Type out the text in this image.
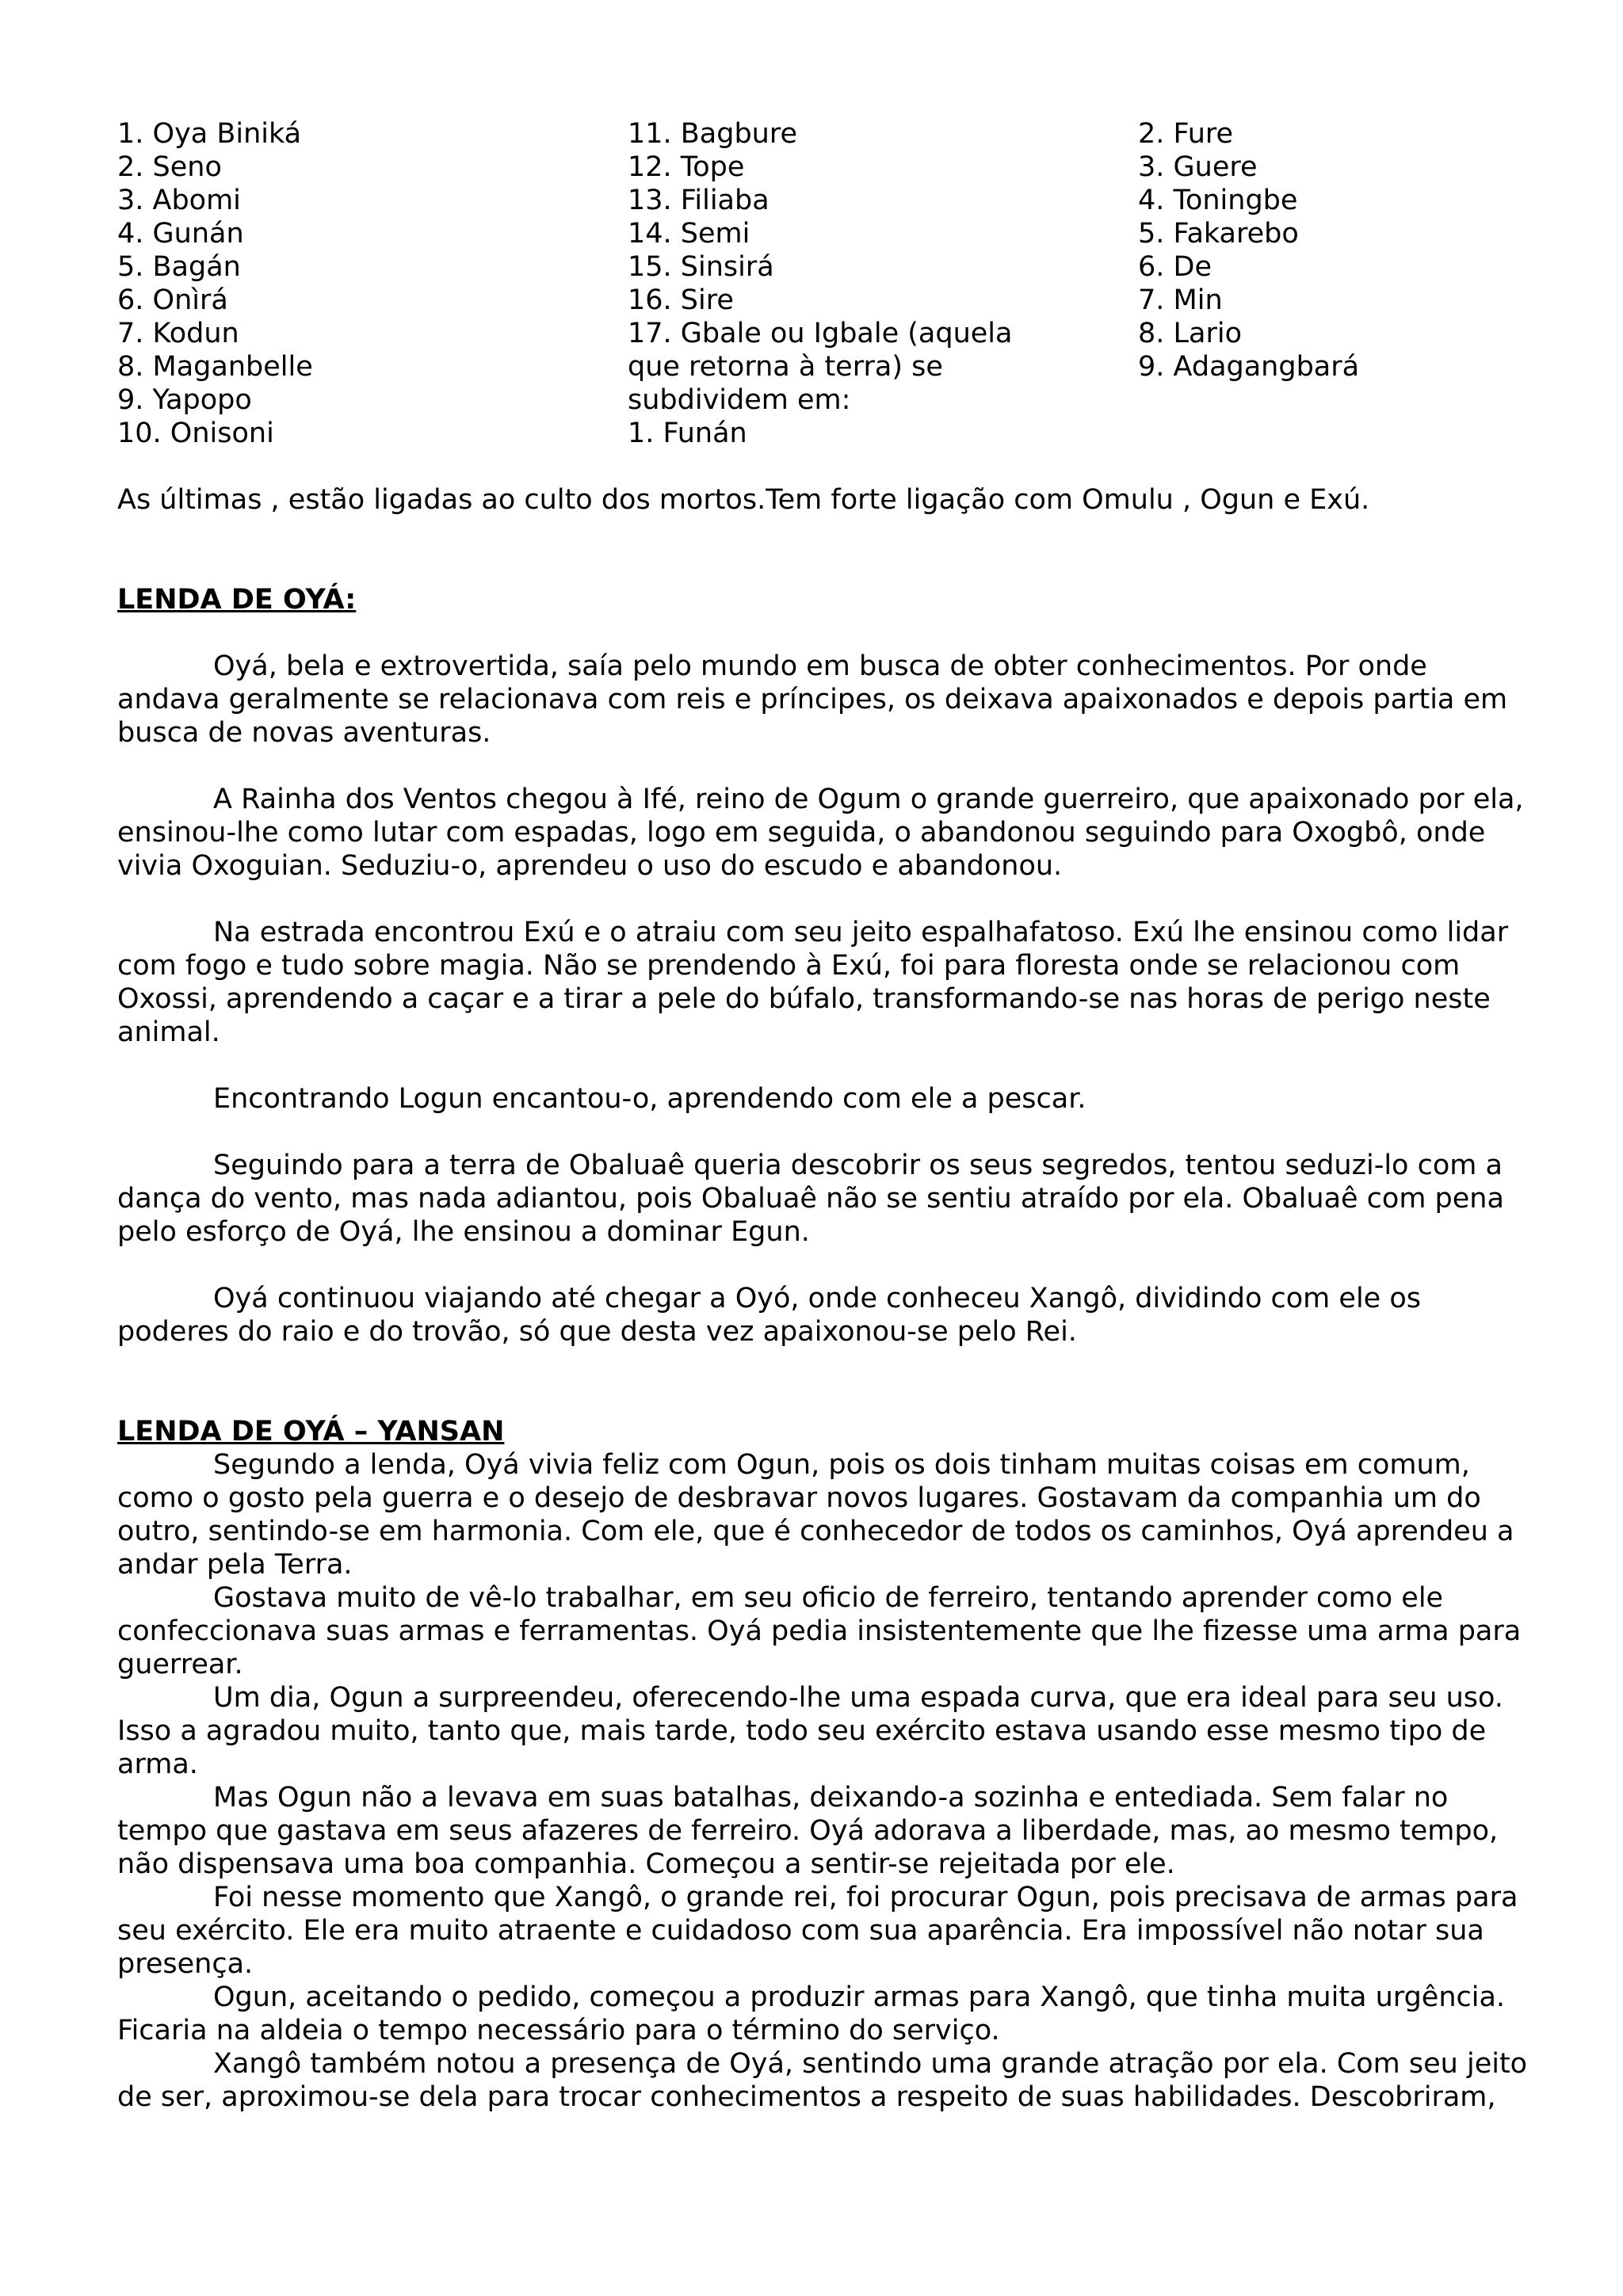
1. Oya Biniká
2. Seno
3. Abomi
4. Gunán
5. Bagán
6. Onìrá
7. Kodun
8. Maganbelle
9. Yapopo
10. Onisoni
11. Bagbure
12. Tope
13. Filiaba
14. Semi
15. Sinsirá
16. Sire
17. Gbale ou Igbale (aquela
que retorna à terra) se
subdividem em:
1. Funán
2. Fure
3. Guere
4. Toningbe
5. Fakarebo
6. De
7. Min
8. Lario
9. Adagangbará

As últimas , estão ligadas ao culto dos mortos.Tem forte ligação com Omulu , Ogun e Exú.

LENDA DE OYÁ:

Oyá, bela e extrovertida, saía pelo mundo em busca de obter conhecimentos. Por onde andava geralmente se relacionava com reis e príncipes, os deixava apaixonados e depois partia em busca de novas aventuras.

A Rainha dos Ventos chegou à Ifé, reino de Ogum o grande guerreiro, que apaixonado por ela, ensinou-lhe como lutar com espadas, logo em seguida, o abandonou seguindo para Oxogbô, onde vivia Oxoguian. Seduziu-o, aprendeu o uso do escudo e abandonou.

Na estrada encontrou Exú e o atraiu com seu jeito espalhafatoso. Exú lhe ensinou como lidar com fogo e tudo sobre magia. Não se prendendo à Exú, foi para floresta onde se relacionou com Oxossi, aprendendo a caçar e a tirar a pele do búfalo, transformando-se nas horas de perigo neste animal.

Encontrando Logun encantou-o, aprendendo com ele a pescar.

Seguindo para a terra de Obaluaê queria descobrir os seus segredos, tentou seduzi-lo com a dança do vento, mas nada adiantou, pois Obaluaê não se sentiu atraído por ela. Obaluaê com pena pelo esforço de Oyá, lhe ensinou a dominar Egun.

Oyá continuou viajando até chegar a Oyó, onde conheceu Xangô, dividindo com ele os poderes do raio e do trovão, só que desta vez apaixonou-se pelo Rei.

LENDA DE OYÁ – YANSAN

Segundo a lenda, Oyá vivia feliz com Ogun, pois os dois tinham muitas coisas em comum, como o gosto pela guerra e o desejo de desbravar novos lugares. Gostavam da companhia um do outro, sentindo-se em harmonia. Com ele, que é conhecedor de todos os caminhos, Oyá aprendeu a andar pela Terra.

Gostava muito de vê-lo trabalhar, em seu oficio de ferreiro, tentando aprender como ele confeccionava suas armas e ferramentas. Oyá pedia insistentemente que lhe fizesse uma arma para guerrear.

Um dia, Ogun a surpreendeu, oferecendo-lhe uma espada curva, que era ideal para seu uso. Isso a agradou muito, tanto que, mais tarde, todo seu exército estava usando esse mesmo tipo de arma.

Mas Ogun não a levava em suas batalhas, deixando-a sozinha e entediada. Sem falar no tempo que gastava em seus afazeres de ferreiro. Oyá adorava a liberdade, mas, ao mesmo tempo, não dispensava uma boa companhia. Começou a sentir-se rejeitada por ele.

Foi nesse momento que Xangô, o grande rei, foi procurar Ogun, pois precisava de armas para seu exército. Ele era muito atraente e cuidadoso com sua aparência. Era impossível não notar sua presença.

Ogun, aceitando o pedido, começou a produzir armas para Xangô, que tinha muita urgência. Ficaria na aldeia o tempo necessário para o término do serviço.

Xangô também notou a presença de Oyá, sentindo uma grande atração por ela. Com seu jeito de ser, aproximou-se dela para trocar conhecimentos a respeito de suas habilidades. Descobriram,
